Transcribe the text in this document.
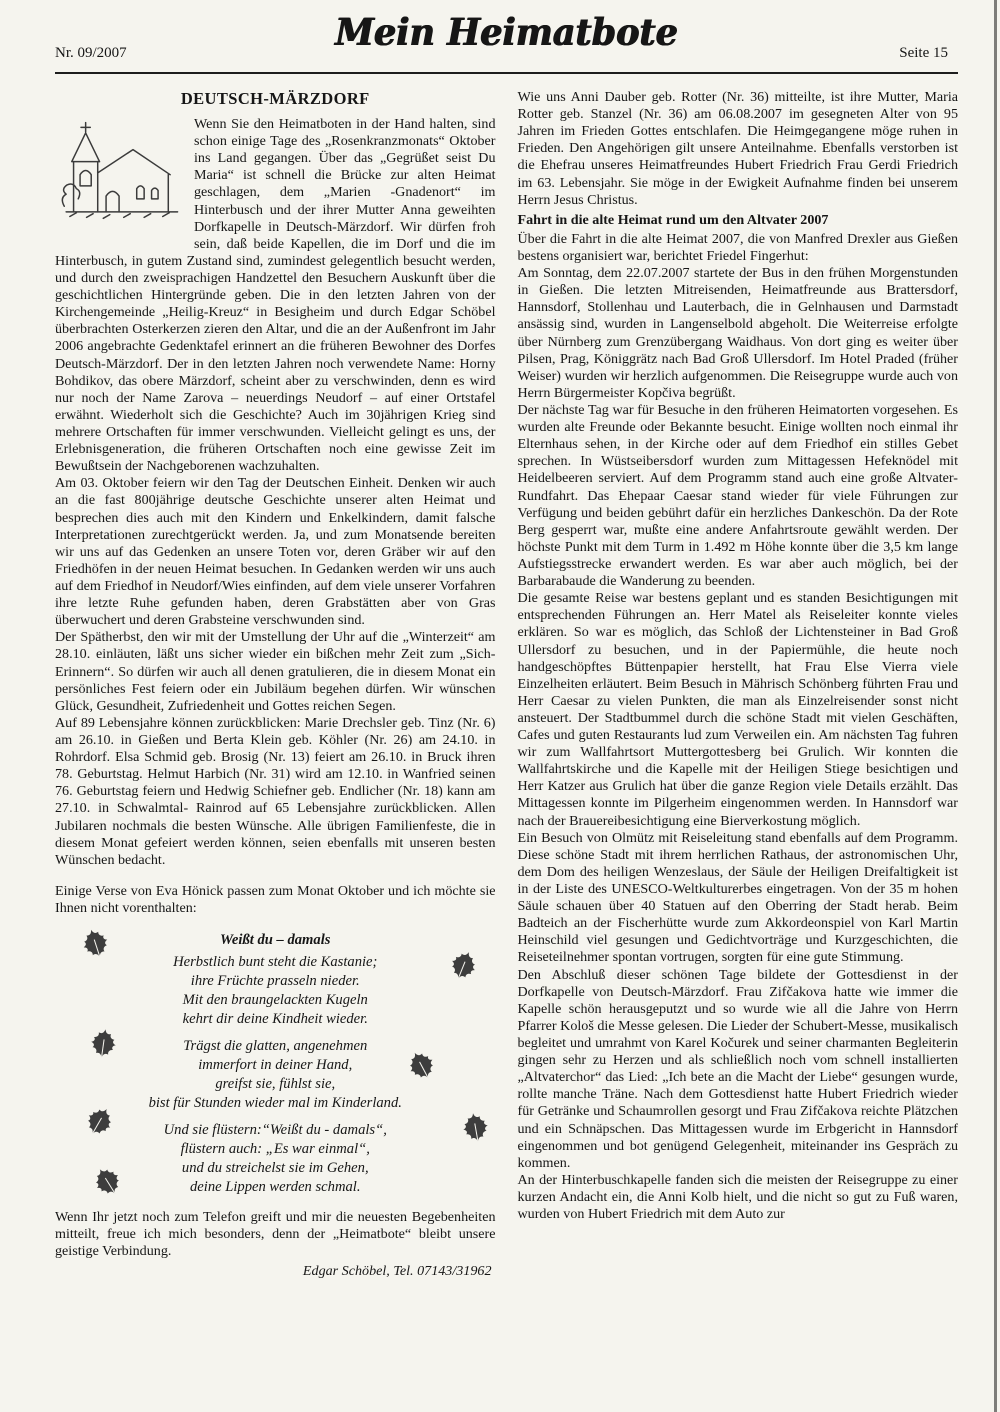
Nr. 09/2007	Mein Heimatbote	Seite 15
DEUTSCH-MÄRZDORF

Wenn Sie den Heimatboten in der Hand halten, sind schon einige Tage des „Rosenkranzmonats“ Oktober ins Land gegangen. Über das „Gegrüßet seist Du Maria“ ist schnell die Brücke zur alten Heimat geschlagen, dem „Marien -Gnadenort“ im Hinterbusch und der ihrer Mutter Anna geweihten Dorfkapelle in Deutsch-Märzdorf. Wir dürfen froh sein, daß beide Kapellen, die im Dorf und die im Hinterbusch, in gutem Zustand sind, zumindest gelegentlich besucht werden, und durch den zweisprachigen Handzettel den Besuchern Auskunft über die geschichtlichen Hintergründe geben. Die in den letzten Jahren von der Kirchengemeinde „Heilig-Kreuz“ in Besigheim und durch Edgar Schöbel überbrachten Osterkerzen zieren den Altar, und die an der Außenfront im Jahr 2006 angebrachte Gedenktafel erinnert an die früheren Bewohner des Dorfes Deutsch-Märzdorf. Der in den letzten Jahren noch verwendete Name: Horny Bohdikov, das obere Märzdorf, scheint aber zu verschwinden, denn es wird nur noch der Name Zarova – neuerdings Neudorf – auf einer Ortstafel erwähnt. Wiederholt sich die Geschichte? Auch im 30jährigen Krieg sind mehrere Ortschaften für immer verschwunden. Vielleicht gelingt es uns, der Erlebnisgeneration, die früheren Ortschaften noch eine gewisse Zeit im Bewußtsein der Nachgeborenen wachzuhalten.

Am 03. Oktober feiern wir den Tag der Deutschen Einheit. Denken wir auch an die fast 800jährige deutsche Geschichte unserer alten Heimat und besprechen dies auch mit den Kindern und Enkelkindern, damit falsche Interpretationen zurechtgerückt werden. Ja, und zum Monatsende bereiten wir uns auf das Gedenken an unsere Toten vor, deren Gräber wir auf den Friedhöfen in der neuen Heimat besuchen. In Gedanken werden wir uns auch auf dem Friedhof in Neudorf/Wies einfinden, auf dem viele unserer Vorfahren ihre letzte Ruhe gefunden haben, deren Grabstätten aber von Gras überwuchert und deren Grabsteine verschwunden sind.

Der Spätherbst, den wir mit der Umstellung der Uhr auf die „Winterzeit“ am 28.10. einläuten, läßt uns sicher wieder ein bißchen mehr Zeit zum „Sich- Erinnern“. So dürfen wir auch all denen gratulieren, die in diesem Monat ein persönliches Fest feiern oder ein Jubiläum begehen dürfen. Wir wünschen Glück, Gesundheit, Zufriedenheit und Gottes reichen Segen.

Auf 89 Lebensjahre können zurückblicken: Marie Drechsler geb. Tinz (Nr. 6) am 26.10. in Gießen und Berta Klein geb. Köhler (Nr. 26) am 24.10. in Rohrdorf. Elsa Schmid geb. Brosig (Nr. 13) feiert am 26.10. in Bruck ihren 78. Geburtstag. Helmut Harbich (Nr. 31) wird am 12.10. in Wanfried seinen 76. Geburtstag feiern und Hedwig Schiefner geb. Endlicher (Nr. 18) kann am 27.10. in Schwalmtal- Rainrod auf 65 Lebensjahre zurückblicken. Allen Jubilaren nochmals die besten Wünsche. Alle übrigen Familienfeste, die in diesem Monat gefeiert werden können, seien ebenfalls mit unseren besten Wünschen bedacht.

Einige Verse von Eva Hönick passen zum Monat Oktober und ich möchte sie Ihnen nicht vorenthalten:

Weißt du – damals
Herbstlich bunt steht die Kastanie;
ihre Früchte prasseln nieder.
Mit den braungelackten Kugeln
kehrt dir deine Kindheit wieder.
Trägst die glatten, angenehmen
immerfort in deiner Hand,
greifst sie, fühlst sie,
bist für Stunden wieder mal im Kinderland.
Und sie flüstern:“Weißt du - damals“,
flüstern auch: „Es war einmal“,
und du streichelst sie im Gehen,
deine Lippen werden schmal.

Wenn Ihr jetzt noch zum Telefon greift und mir die neuesten Begebenheiten mitteilt, freue ich mich besonders, denn der „Heimatbote“ bleibt unsere geistige Verbindung.

Edgar Schöbel, Tel. 07143/31962

Wie uns Anni Dauber geb. Rotter (Nr. 36) mitteilte, ist ihre Mutter, Maria Rotter geb. Stanzel (Nr. 36) am 06.08.2007 im gesegneten Alter von 95 Jahren im Frieden Gottes entschlafen. Die Heimgegangene möge ruhen in Frieden. Den Angehörigen gilt unsere Anteilnahme. Ebenfalls verstorben ist die Ehefrau unseres Heimatfreundes Hubert Friedrich Frau Gerdi Friedrich im 63. Lebensjahr. Sie möge in der Ewigkeit Aufnahme finden bei unserem Herrn Jesus Christus.

Fahrt in die alte Heimat rund um den Altvater 2007

Über die Fahrt in die alte Heimat 2007, die von Manfred Drexler aus Gießen bestens organisiert war, berichtet Friedel Fingerhut:

Am Sonntag, dem 22.07.2007 startete der Bus in den frühen Morgenstunden in Gießen. Die letzten Mitreisenden, Heimatfreunde aus Brattersdorf, Hannsdorf, Stollenhau und Lauterbach, die in Gelnhausen und Darmstadt ansässig sind, wurden in Langenselbold abgeholt. Die Weiterreise erfolgte über Nürnberg zum Grenzübergang Waidhaus. Von dort ging es weiter über Pilsen, Prag, Königgrätz nach Bad Groß Ullersdorf. Im Hotel Praded (früher Weiser) wurden wir herzlich aufgenommen. Die Reisegruppe wurde auch von Herrn Bürgermeister Kopčiva begrüßt.

Der nächste Tag war für Besuche in den früheren Heimatorten vorgesehen. Es wurden alte Freunde oder Bekannte besucht. Einige wollten noch einmal ihr Elternhaus sehen, in der Kirche oder auf dem Friedhof ein stilles Gebet sprechen. In Wüstseibersdorf wurden zum Mittagessen Hefeknödel mit Heidelbeeren serviert. Auf dem Programm stand auch eine große Altvater- Rundfahrt. Das Ehepaar Caesar stand wieder für viele Führungen zur Verfügung und beiden gebührt dafür ein herzliches Dankeschön. Da der Rote Berg gesperrt war, mußte eine andere Anfahrtsroute gewählt werden. Der höchste Punkt mit dem Turm in 1.492 m Höhe konnte über die 3,5 km lange Aufstiegsstrecke erwandert werden. Es war aber auch möglich, bei der Barbarabaude die Wanderung zu beenden.

Die gesamte Reise war bestens geplant und es standen Besichtigungen mit entsprechenden Führungen an. Herr Matel als Reiseleiter konnte vieles erklären. So war es möglich, das Schloß der Lichtensteiner in Bad Groß Ullersdorf zu besuchen, und in der Papiermühle, die heute noch handgeschöpftes Büttenpapier herstellt, hat Frau Else Vierra viele Einzelheiten erläutert. Beim Besuch in Mährisch Schönberg führten Frau und Herr Caesar zu vielen Punkten, die man als Einzelreisender sonst nicht ansteuert. Der Stadtbummel durch die schöne Stadt mit vielen Geschäften, Cafes und guten Restaurants lud zum Verweilen ein. Am nächsten Tag fuhren wir zum Wallfahrtsort Muttergottesberg bei Grulich. Wir konnten die Wallfahrtskirche und die Kapelle mit der Heiligen Stiege besichtigen und Herr Katzer aus Grulich hat über die ganze Region viele Details erzählt. Das Mittagessen konnte im Pilgerheim eingenommen werden. In Hannsdorf war nach der Brauereibesichtigung eine Bierverkostung möglich.

Ein Besuch von Olmütz mit Reiseleitung stand ebenfalls auf dem Programm. Diese schöne Stadt mit ihrem herrlichen Rathaus, der astronomischen Uhr, dem Dom des heiligen Wenzeslaus, der Säule der Heiligen Dreifaltigkeit ist in der Liste des UNESCO-Weltkulturerbes eingetragen. Von der 35 m hohen Säule schauen über 40 Statuen auf den Oberring der Stadt herab. Beim Badteich an der Fischerhütte wurde zum Akkordeonspiel von Karl Martin Heinschild viel gesungen und Gedichtvorträge und Kurzgeschichten, die Reiseteilnehmer spontan vortrugen, sorgten für eine gute Stimmung.

Den Abschluß dieser schönen Tage bildete der Gottesdienst in der Dorfkapelle von Deutsch-Märzdorf. Frau Zifčakova hatte wie immer die Kapelle schön herausgeputzt und so wurde wie all die Jahre von Herrn Pfarrer Kološ die Messe gelesen. Die Lieder der Schubert-Messe, musikalisch begleitet und umrahmt von Karel Kočurek und seiner charmanten Begleiterin gingen sehr zu Herzen und als schließlich noch vom schnell installierten „Altvaterchor“ das Lied: „Ich bete an die Macht der Liebe“ gesungen wurde, rollte manche Träne. Nach dem Gottesdienst hatte Hubert Friedrich wieder für Getränke und Schaumrollen gesorgt und Frau Zifčakova reichte Plätzchen und ein Schnäpschen. Das Mittagessen wurde im Erbgericht in Hannsdorf eingenommen und bot genügend Gelegenheit, miteinander ins Gespräch zu kommen.

An der Hinterbuschkapelle fanden sich die meisten der Reisegruppe zu einer kurzen Andacht ein, die Anni Kolb hielt, und die nicht so gut zu Fuß waren, wurden von Hubert Friedrich mit dem Auto zur
